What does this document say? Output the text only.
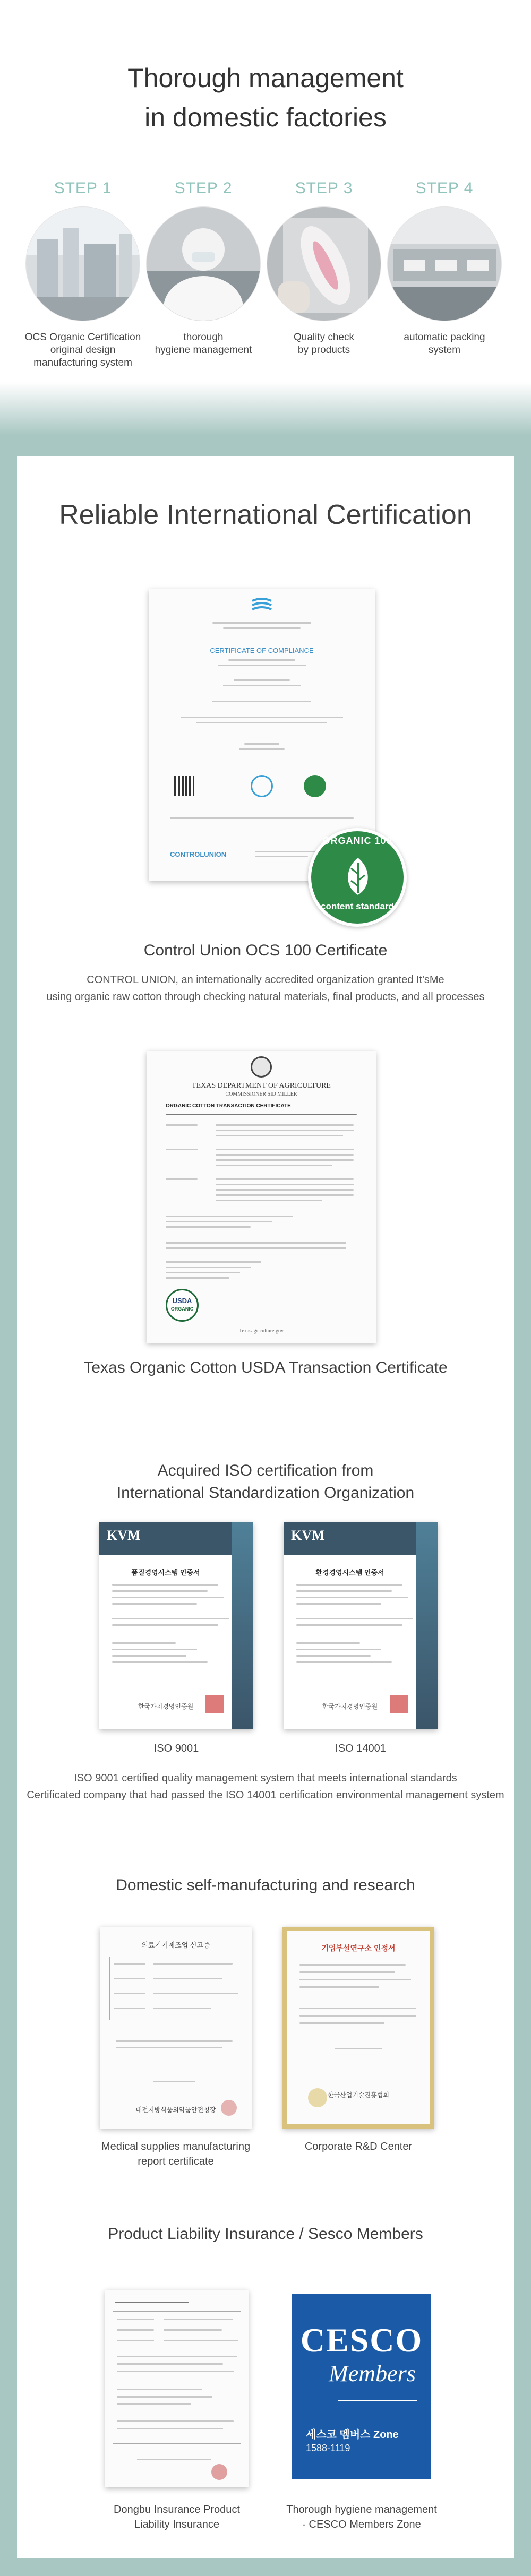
Thorough management
in domestic factories
STEP 1
OCS Organic Certification
original design
manufacturing system
STEP 2
thorough
hygiene management
STEP 3
Quality check
by products
STEP 4
automatic packing
system
Reliable International Certification
CERTIFICATE OF COMPLIANCE
CONTROLUNION
ORGANIC 100
content standard
Control Union OCS 100 Certificate
CONTROL UNION, an internationally accredited organization granted It'sMe
using organic raw cotton through checking natural materials, final products, and all processes
TEXAS DEPARTMENT OF AGRICULTURE
COMMISSIONER SID MILLER
ORGANIC COTTON TRANSACTION CERTIFICATE
USDA
ORGANIC
Texasagriculture.gov
Texas Organic Cotton USDA Transaction Certificate
Acquired ISO certification from
International Standardization Organization
KVM
품질경영시스템 인증서
한국가치경영인증원
KVM
환경경영시스템 인증서
한국가치경영인증원
ISO 9001	ISO 14001
ISO 9001 certified quality management system that meets international standards
Certificated company that had passed the ISO 14001 certification environmental management system
Domestic self-manufacturing and research
의료기기제조업 신고증
대전지방식품의약품안전청장
기업부설연구소 인정서
한국산업기술진흥협회
Medical supplies manufacturing
report certificate
Corporate R&D Center
Product Liability Insurance / Sesco Members
CESCO
Members
세스코 멤버스 Zone
1588-1119
Dongbu Insurance Product
Liability Insurance
Thorough hygiene management
- CESCO Members Zone
